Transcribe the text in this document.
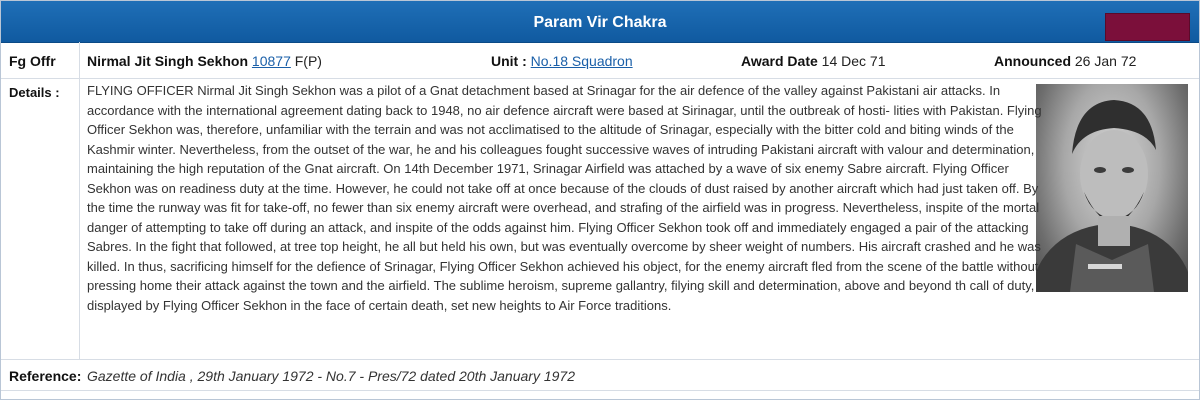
Param Vir Chakra
Fg Offr Nirmal Jit Singh Sekhon 10877 F(P)	Unit : No.18 Squadron	Award Date 14 Dec 71	Announced 26 Jan 72
Details : FLYING OFFICER Nirmal Jit Singh Sekhon was a pilot of a Gnat detachment based at Srinagar for the air defence of the valley against Pakistani air attacks. In accordance with the international agreement dating back to 1948, no air defence aircraft were based at Sirinagar, until the outbreak of hosti- lities with Pakistan. Flying Officer Sekhon was, therefore, unfamiliar with the terrain and was not acclimatised to the altitude of Srinagar, especially with the bitter cold and biting winds of the Kashmir winter. Nevertheless, from the outset of the war, he and his colleagues fought successive waves of intruding Pakistani aircraft with valour and determination, maintaining the high reputation of the Gnat aircraft. On 14th December 1971, Srinagar Airfield was attached by a wave of six enemy Sabre aircraft. Flying Officer Sekhon was on readiness duty at the time. However, he could not take off at once because of the clouds of dust raised by another aircraft which had just taken off. By the time the runway was fit for take-off, no fewer than six enemy aircraft were overhead, and strafing of the airfield was in progress. Nevertheless, inspite of the mortal danger of attempting to take off during an attack, and inspite of the odds against him. Flying Officer Sekhon took off and immediately engaged a pair of the attacking Sabres. In the fight that followed, at tree top height, he all but held his own, but was eventually overcome by sheer weight of numbers. His aircraft crashed and he was killed. In thus, sacrificing himself for the defience of Srinagar, Flying Officer Sekhon achieved his object, for the enemy aircraft fled from the scene of the battle without pressing home their attack against the town and the airfield. The sublime heroism, supreme gallantry, filying skill and determination, above and beyond th call of duty, displayed by Flying Officer Sekhon in the face of certain death, set new heights to Air Force traditions.

Reference: Gazette of India , 29th January 1972 - No.7 - Pres/72 dated 20th January 1972
